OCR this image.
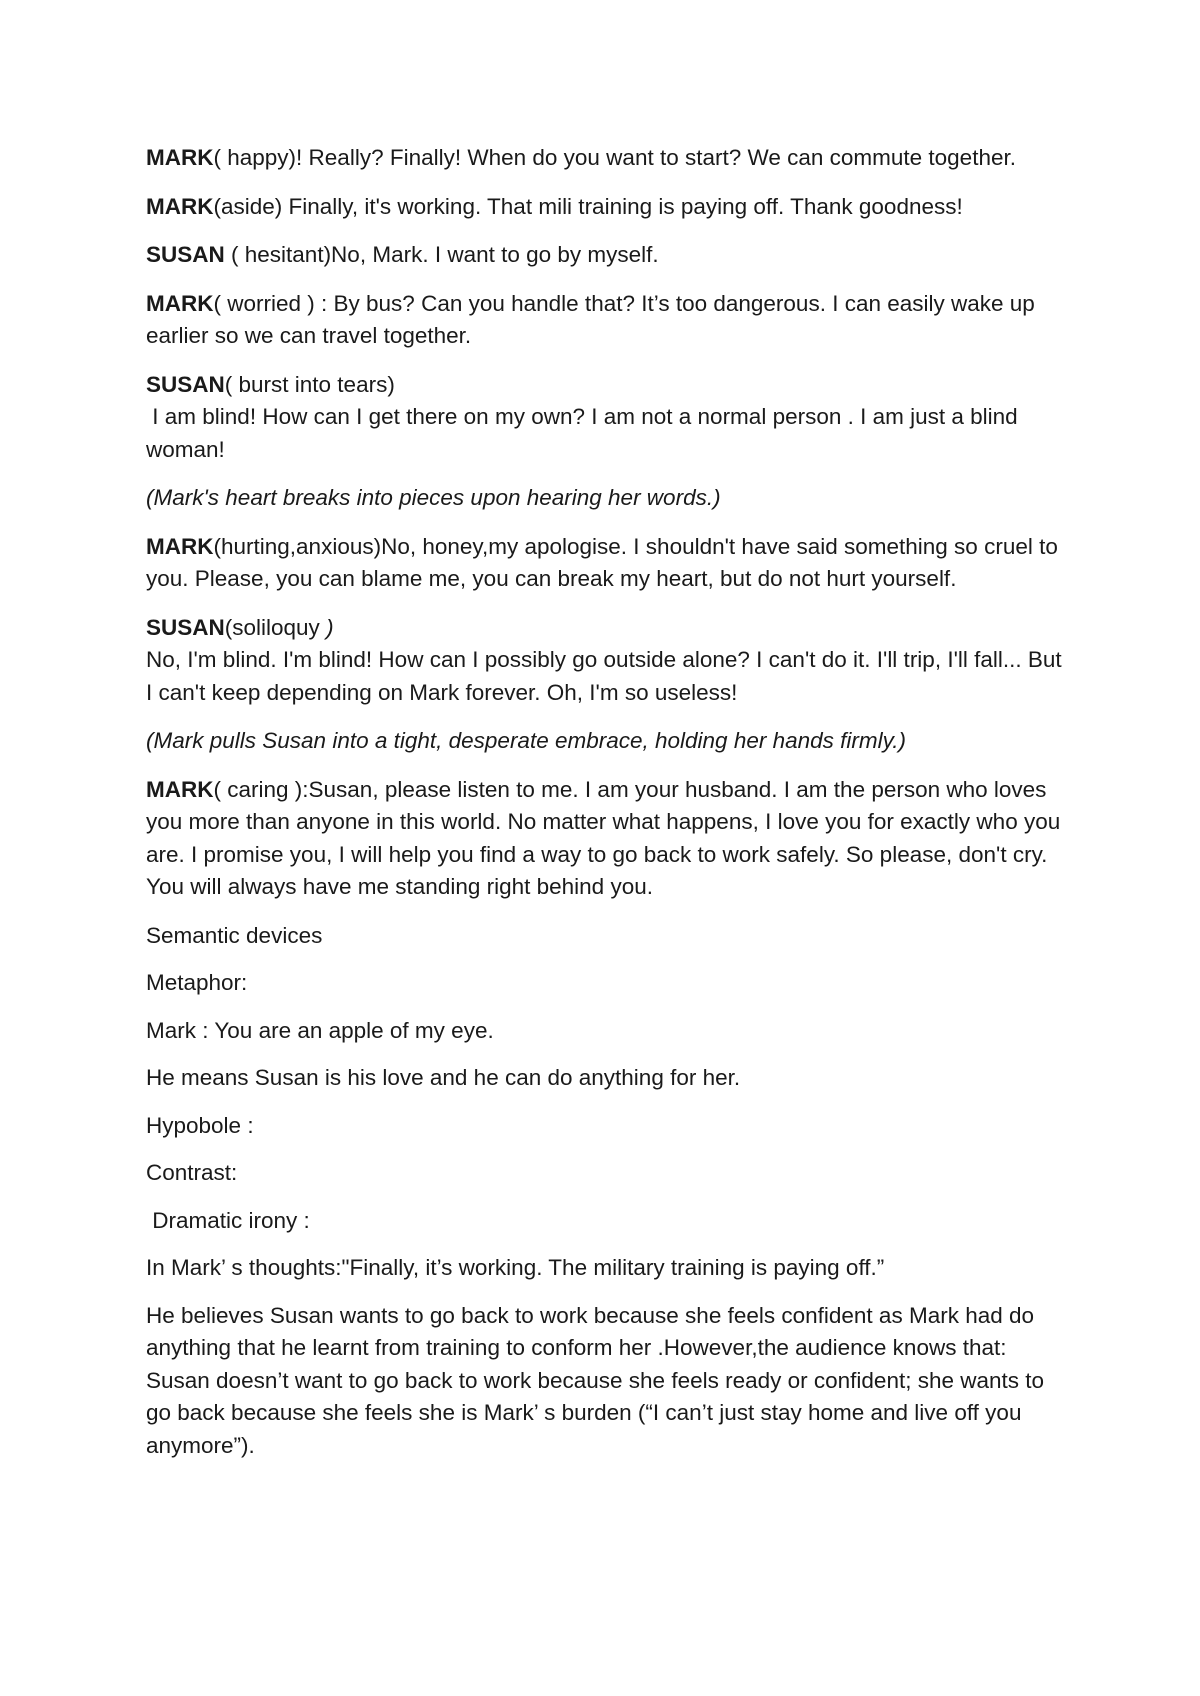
MARK( happy)! Really? Finally! When do you want to start? We can commute together.

MARK(aside) Finally, it's working. That mili training is paying off. Thank goodness!

SUSAN ( hesitant)No, Mark. I want to go by myself.

MARK( worried ) : By bus? Can you handle that? It’s too dangerous. I can easily wake up earlier so we can travel together.

SUSAN( burst into tears)
I am blind! How can I get there on my own? I am not a normal person . I am just a blind woman!

(Mark's heart breaks into pieces upon hearing her words.)

MARK(hurting,anxious)No, honey,my apologise. I shouldn't have said something so cruel to you. Please, you can blame me, you can break my heart, but do not hurt yourself.

SUSAN(soliloquy )
No, I'm blind. I'm blind! How can I possibly go outside alone? I can't do it. I'll trip, I'll fall... But I can't keep depending on Mark forever. Oh, I'm so useless!

(Mark pulls Susan into a tight, desperate embrace, holding her hands firmly.)

MARK( caring ):Susan, please listen to me. I am your husband. I am the person who loves you more than anyone in this world. No matter what happens, I love you for exactly who you are. I promise you, I will help you find a way to go back to work safely. So please, don't cry. You will always have me standing right behind you.

Semantic devices

Metaphor:

Mark : You are an apple of my eye.

He means Susan is his love and he can do anything for her.

Hypobole :

Contrast:

Dramatic irony :

In Mark’ s thoughts:"Finally, it’s working. The military training is paying off.”

He believes Susan wants to go back to work because she feels confident as Mark had do anything that he learnt from training to conform her .However,the audience knows that: Susan doesn’t want to go back to work because she feels ready or confident; she wants to go back because she feels she is Mark’ s burden (“I can’t just stay home and live off you anymore”).
